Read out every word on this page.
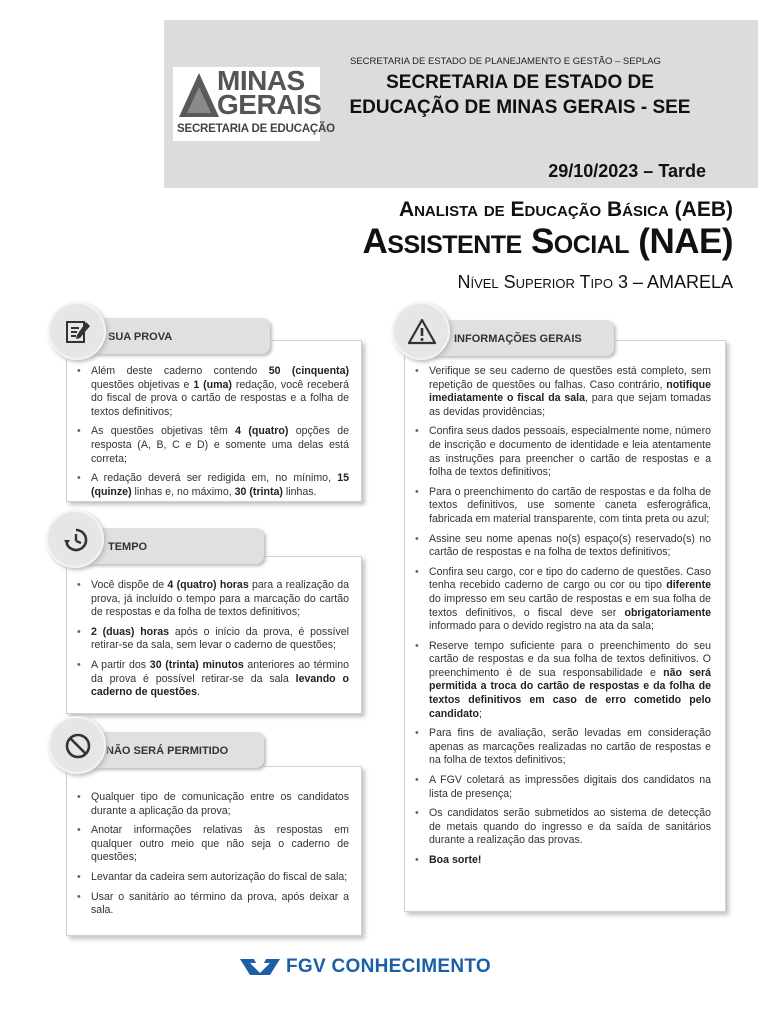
MINAS
GERAIS
SECRETARIA DE EDUCAÇÃO
SECRETARIA DE ESTADO DE PLANEJAMENTO E GESTÃO – SEPLAG
SECRETARIA DE ESTADO DE
EDUCAÇÃO DE MINAS GERAIS - SEE
29/10/2023 – Tarde
Analista de Educação Básica (AEB)
Assistente Social (NAE)
Nível Superior Tipo 3 – AMARELA
• Além deste caderno contendo 50 (cinquenta) questões objetivas e 1 (uma) redação, você receberá do fiscal de prova o cartão de respostas e a folha de textos definitivos;
• As questões objetivas têm 4 (quatro) opções de resposta (A, B, C e D) e somente uma delas está correta;
• A redação deverá ser redigida em, no mínimo, 15 (quinze) linhas e, no máximo, 30 (trinta) linhas.
SUA PROVA
• Você dispõe de 4 (quatro) horas para a realização da prova, já incluído o tempo para a marcação do cartão de respostas e da folha de textos definitivos;
• 2 (duas) horas após o início da prova, é possível retirar-se da sala, sem levar o caderno de questões;
• A partir dos 30 (trinta) minutos anteriores ao término da prova é possível retirar-se da sala levando o caderno de questões.
TEMPO
• Qualquer tipo de comunicação entre os candidatos durante a aplicação da prova;
• Anotar informações relativas às respostas em qualquer outro meio que não seja o caderno de questões;
• Levantar da cadeira sem autorização do fiscal de sala;
• Usar o sanitário ao término da prova, após deixar a sala.
NÃO SERÁ PERMITIDO
• Verifique se seu caderno de questões está completo, sem repetição de questões ou falhas. Caso contrário, notifique imediatamente o fiscal da sala, para que sejam tomadas as devidas providências;
• Confira seus dados pessoais, especialmente nome, número de inscrição e documento de identidade e leia atentamente as instruções para preencher o cartão de respostas e a folha de textos definitivos;
• Para o preenchimento do cartão de respostas e da folha de textos definitivos, use somente caneta esferográfica, fabricada em material transparente, com tinta preta ou azul;
• Assine seu nome apenas no(s) espaço(s) reservado(s) no cartão de respostas e na folha de textos definitivos;
• Confira seu cargo, cor e tipo do caderno de questões. Caso tenha recebido caderno de cargo ou cor ou tipo diferente do impresso em seu cartão de respostas e em sua folha de textos definitivos, o fiscal deve ser obrigatoriamente informado para o devido registro na ata da sala;
• Reserve tempo suficiente para o preenchimento do seu cartão de respostas e da sua folha de textos definitivos. O preenchimento é de sua responsabilidade e não será permitida a troca do cartão de respostas e da folha de textos definitivos em caso de erro cometido pelo candidato;
• Para fins de avaliação, serão levadas em consideração apenas as marcações realizadas no cartão de respostas e na folha de textos definitivos;
• A FGV coletará as impressões digitais dos candidatos na lista de presença;
• Os candidatos serão submetidos ao sistema de detecção de metais quando do ingresso e da saída de sanitários durante a realização das provas.
• Boa sorte!
INFORMAÇÕES GERAIS
FGV CONHECIMENTO
